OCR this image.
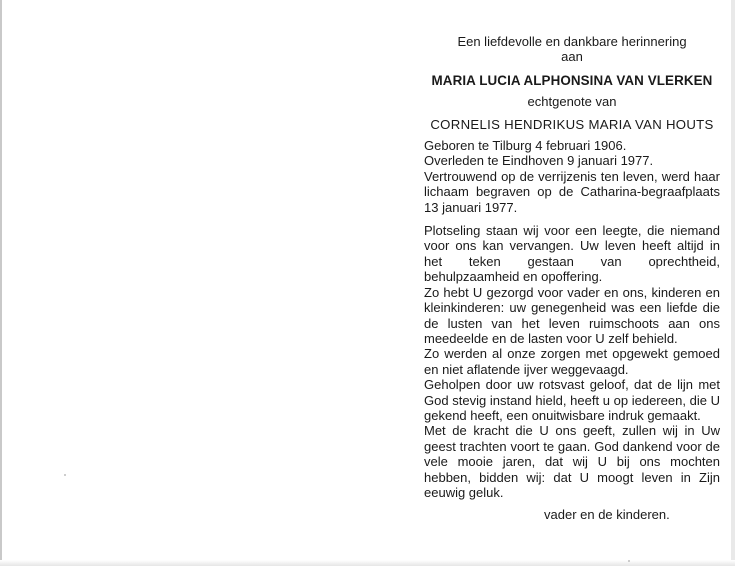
Een liefdevolle en dankbare herinnering

aan

MARIA LUCIA ALPHONSINA VAN VLERKEN
echtgenote van
CORNELIS HENDRIKUS MARIA VAN HOUTS

Geboren te Tilburg 4 februari 1906.

Overleden te Eindhoven 9 januari 1977.

Vertrouwend op de verrijzenis ten leven, werd haar lichaam begraven op de Catharina-begraafplaats 13 januari 1977.

Plotseling staan wij voor een leegte, die niemand voor ons kan vervangen. Uw leven heeft altijd in het teken gestaan van oprechtheid, behulpzaamheid en opoffering.

Zo hebt U gezorgd voor vader en ons, kinderen en kleinkinderen: uw genegenheid was een liefde die de lusten van het leven ruimschoots aan ons meedeelde en de lasten voor U zelf behield.

Zo werden al onze zorgen met opgewekt gemoed en niet aflatende ijver weggevaagd.

Geholpen door uw rotsvast geloof, dat de lijn met God stevig instand hield, heeft u op iedereen, die U gekend heeft, een onuitwisbare indruk gemaakt.

Met de kracht die U ons geeft, zullen wij in Uw geest trachten voort te gaan. God dankend voor de vele mooie jaren, dat wij U bij ons mochten hebben, bidden wij: dat U moogt leven in Zijn eeuwig geluk.

vader en de kinderen.
